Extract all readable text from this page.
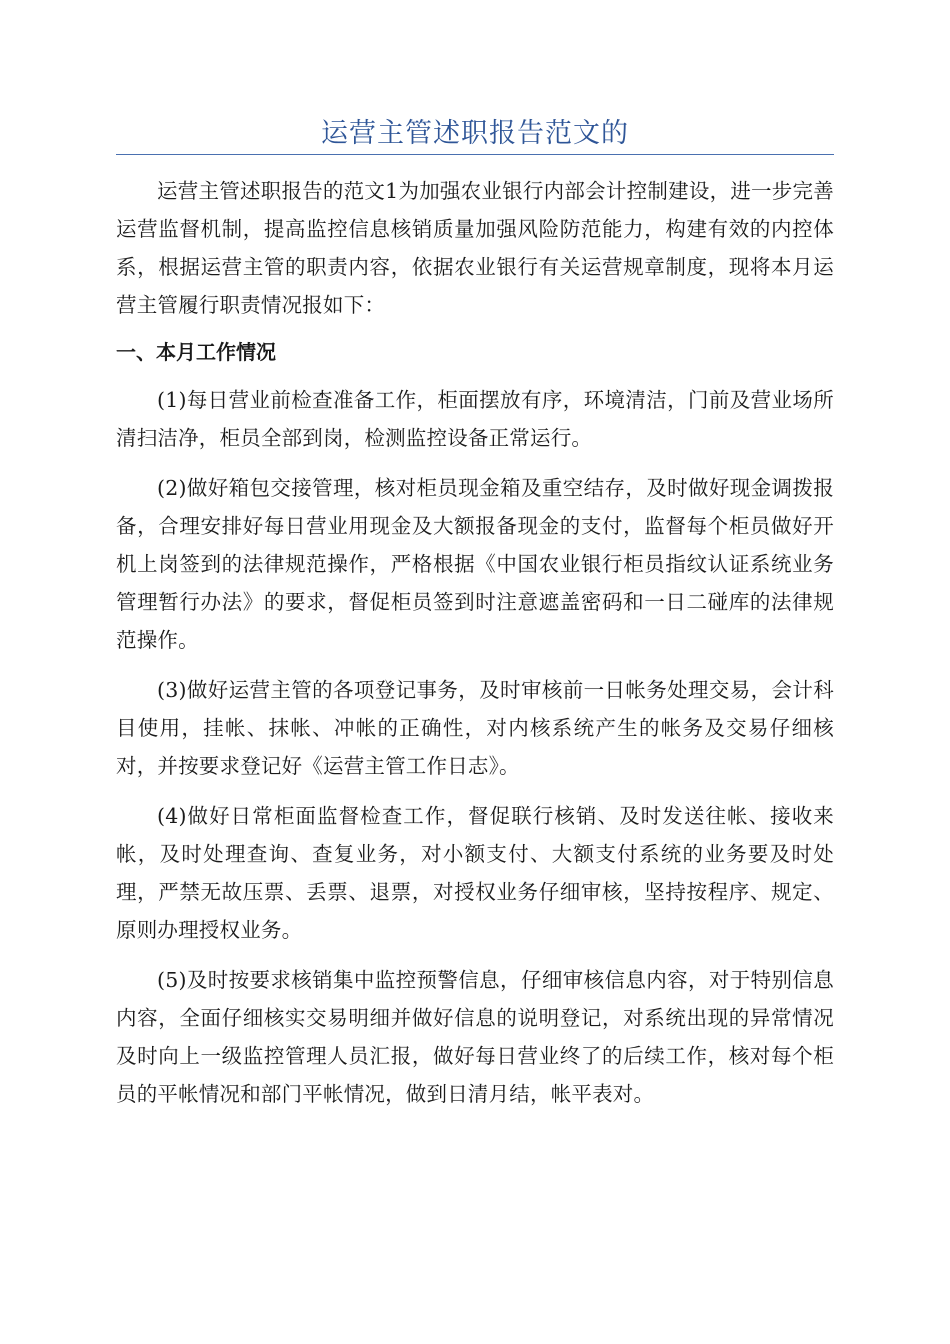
运营主管述职报告范文的

运营主管述职报告的范文1为加强农业银行内部会计控制建设，进一步完善运营监督机制，提高监控信息核销质量加强风险防范能力，构建有效的内控体系，根据运营主管的职责内容，依据农业银行有关运营规章制度，现将本月运营主管履行职责情况报如下：

一、本月工作情况

(1)每日营业前检查准备工作，柜面摆放有序，环境清洁，门前及营业场所清扫洁净，柜员全部到岗，检测监控设备正常运行。

(2)做好箱包交接管理，核对柜员现金箱及重空结存，及时做好现金调拨报备，合理安排好每日营业用现金及大额报备现金的支付，监督每个柜员做好开机上岗签到的法律规范操作，严格根据《中国农业银行柜员指纹认证系统业务管理暂行办法》的要求，督促柜员签到时注意遮盖密码和一日二碰库的法律规范操作。

(3)做好运营主管的各项登记事务，及时审核前一日帐务处理交易，会计科目使用，挂帐、抹帐、冲帐的正确性，对内核系统产生的帐务及交易仔细核对，并按要求登记好《运营主管工作日志》。

(4)做好日常柜面监督检查工作，督促联行核销、及时发送往帐、接收来帐，及时处理查询、查复业务，对小额支付、大额支付系统的业务要及时处理，严禁无故压票、丢票、退票，对授权业务仔细审核，坚持按程序、规定、原则办理授权业务。

(5)及时按要求核销集中监控预警信息，仔细审核信息内容，对于特别信息内容，全面仔细核实交易明细并做好信息的说明登记，对系统出现的异常情况及时向上一级监控管理人员汇报，做好每日营业终了的后续工作，核对每个柜员的平帐情况和部门平帐情况，做到日清月结，帐平表对。
